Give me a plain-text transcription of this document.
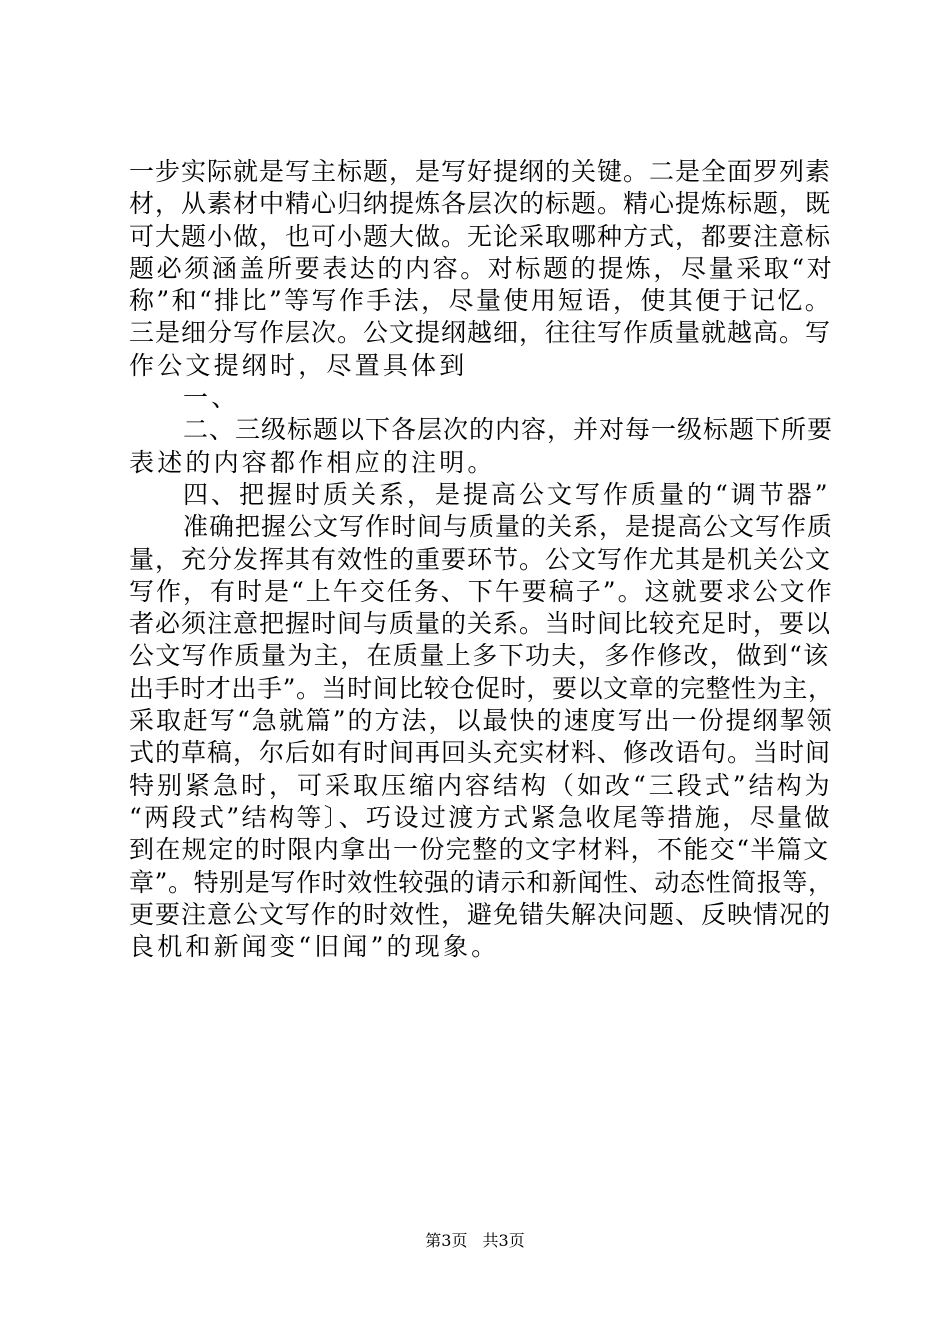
一步实际就是写主标题，是写好提纲的关键。二是全面罗列素
材，从素材中精心归纳提炼各层次的标题。精心提炼标题，既
可大题小做，也可小题大做。无论采取哪种方式，都要注意标
题必须涵盖所要表达的内容。对标题的提炼，尽量采取“对
称”和“排比”等写作手法，尽量使用短语，使其便于记忆。
三是细分写作层次。公文提纲越细，往往写作质量就越高。写
作公文提纲时，尽置具体到
一、
二、三级标题以下各层次的内容，并对每一级标题下所要
表述的内容都作相应的注明。
四、把握时质关系，是提高公文写作质量的“调节器”
准确把握公文写作时间与质量的关系，是提高公文写作质
量，充分发挥其有效性的重要环节。公文写作尤其是机关公文
写作，有时是“上午交任务、下午要稿子”。这就要求公文作
者必须注意把握时间与质量的关系。当时间比较充足时，要以
公文写作质量为主，在质量上多下功夫，多作修改，做到“该
出手时才出手”。当时间比较仓促时，要以文章的完整性为主，
采取赶写“急就篇”的方法，以最快的速度写出一份提纲挈领
式的草稿，尔后如有时间再回头充实材料、修改语句。当时间
特别紧急时，可采取压缩内容结构（如改“三段式”结构为
“两段式”结构等〕、巧设过渡方式紧急收尾等措施，尽量做
到在规定的时限内拿出一份完整的文字材料，不能交“半篇文
章”。特别是写作时效性较强的请示和新闻性、动态性简报等，
更要注意公文写作的时效性，避免错失解决问题、反映情况的
良机和新闻变“旧闻”的现象。
第3页 共3页
